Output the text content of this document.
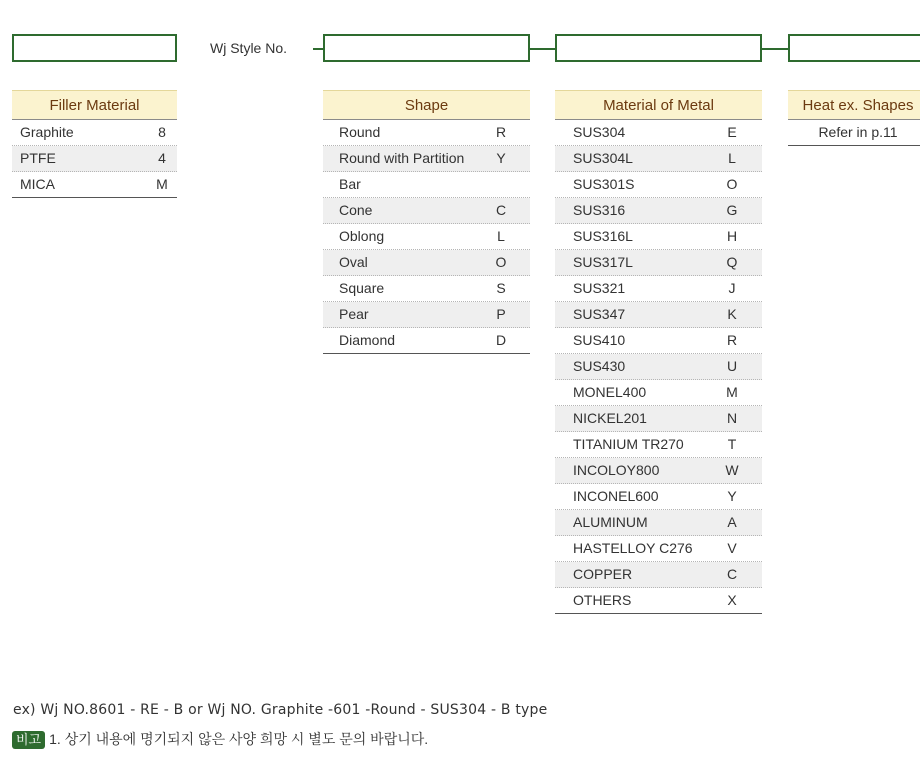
Wj Style No.
Filler Material
Graphite	8
PTFE	4
MICA	M
Shape
Round	R
Round with Partition	Y
Bar
Cone	C
Oblong	L
Oval	O
Square	S
Pear	P
Diamond	D
Material of Metal
SUS304	E
SUS304L	L
SUS301S	O
SUS316	G
SUS316L	H
SUS317L	Q
SUS321	J
SUS347	K
SUS410	R
SUS430	U
MONEL400	M
NICKEL201	N
TITANIUM TR270	T
INCOLOY800	W
INCONEL600	Y
ALUMINUM	A
HASTELLOY C276	V
COPPER	C
OTHERS	X
Heat ex. Shapes
Refer in p.11
ex) Wj NO.8601 - RE - B or Wj NO. Graphite -601 -Round - SUS304 - B type
비고 1. 상기 내용에 명기되지 않은 사양 희망 시 별도 문의 바랍니다.
